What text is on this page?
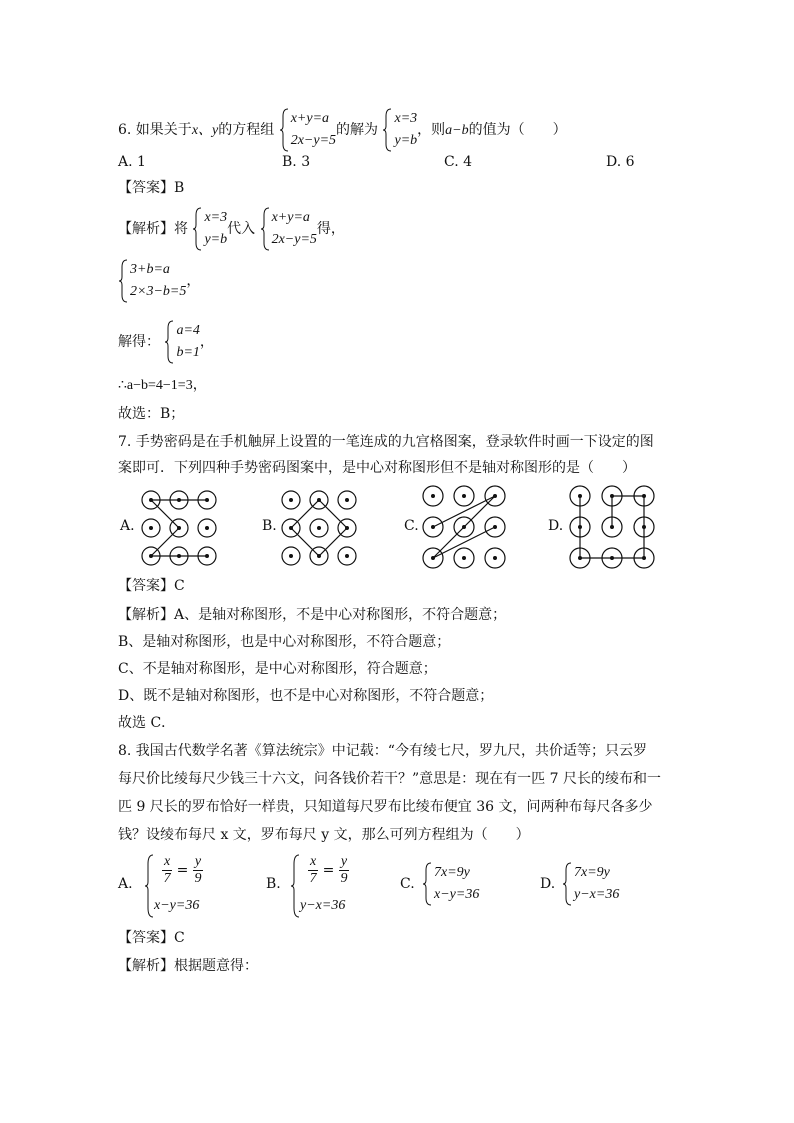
6. 如果关于x、y的方程组
x+y=a
2x−y=5
的解为
x=3
y=b
，则a−b的值为（　　）
A. 1	B. 3	C. 4	D. 6
【答案】B
【解析】将
x=3
y=b
代入
x+y=a
2x−y=5
得，
3+b=a
2×3−b=5
，
解得：
a=4
b=1
，
∴a−b=4−1=3，
故选：B；
7. 手势密码是在手机触屏上设置的一笔连成的九宫格图案，登录软件时画一下设定的图
案即可．下列四种手势密码图案中，是中心对称图形但不是轴对称图形的是（　　）
A.	B.	C.	D.
【答案】C
【解析】A、是轴对称图形，不是中心对称图形，不符合题意；
B、是轴对称图形，也是中心对称图形，不符合题意；
C、不是轴对称图形，是中心对称图形，符合题意；
D、既不是轴对称图形，也不是中心对称图形，不符合题意；
故选 C．
8. 我国古代数学名著《算法统宗》中记载：“今有绫七尺，罗九尺，共价适等；只云罗
每尺价比绫每尺少钱三十六文，问各钱价若干？”意思是：现在有一匹 7 尺长的绫布和一
匹 9 尺长的罗布恰好一样贵，只知道每尺罗布比绫布便宜 36 文，问两种布每尺各多少
钱？设绫布每尺 x 文，罗布每尺 y 文，那么可列方程组为（　　）
A. $\frac{x}{7} = \frac{y}{9}$
x−y=36
B. $\frac{x}{7} = \frac{y}{9}$
y−x=36
C.
7x=9y
x−y=36
D.
7x=9y
y−x=36
【答案】C
【解析】根据题意得：
